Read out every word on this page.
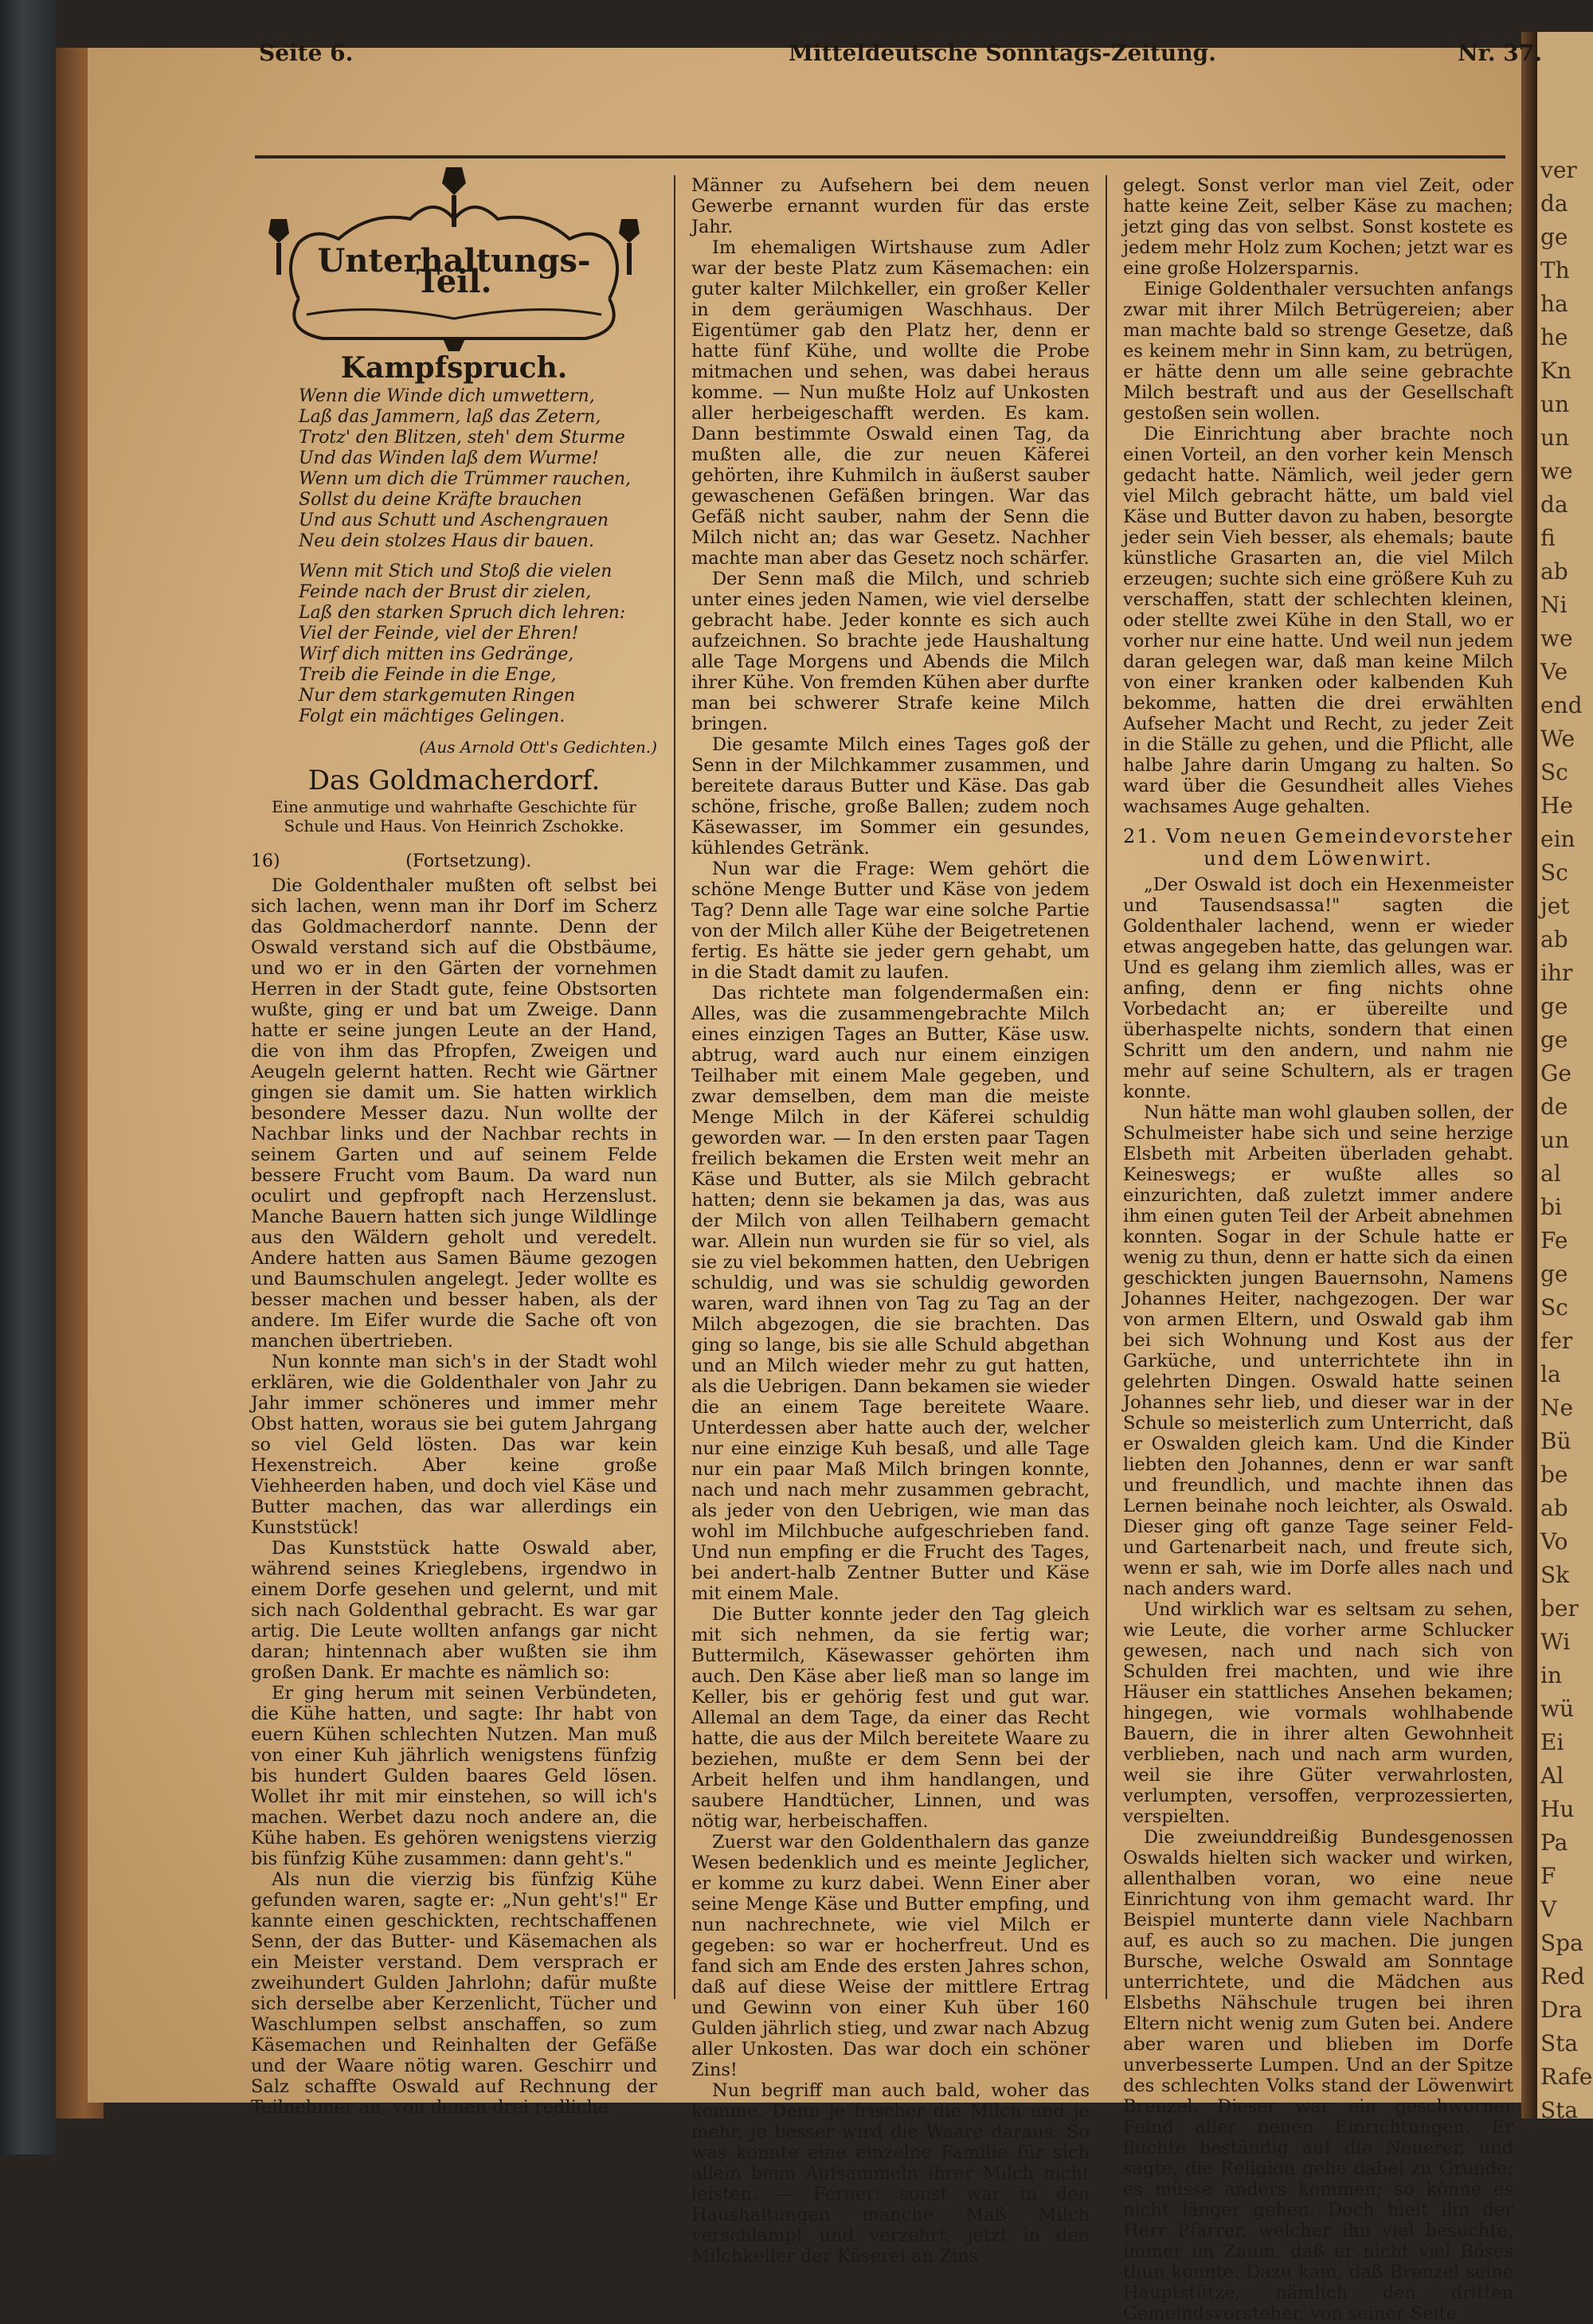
ver
da
ge
Th
ha
he
Kn
un
un
we
da
fi
ab
Ni
we
Ve
end
We
Sc
He
ein
Sc
jet
ab
ihr
ge
ge
Ge
de
un
al
bi
Fe
ge
Sc
fer
la
Ne
Bü
be
ab
Vo
Sk
ber
Wi
in
wü
Ei
Al
Hu
Pa
F
V
Spa
Red
Dra
Sta
Rafe
Sta
Seite 6.	Mitteldeutsche Sonntags-Zeitung.	Nr. 37.
Unterhaltungs-Teil.
Kampfspruch.
Wenn die Winde dich umwettern,
Laß das Jammern, laß das Zetern,
Trotz' den Blitzen, steh' dem Sturme
Und das Winden laß dem Wurme!
Wenn um dich die Trümmer rauchen,
Sollst du deine Kräfte brauchen
Und aus Schutt und Aschengrauen
Neu dein stolzes Haus dir bauen.
Wenn mit Stich und Stoß die vielen
Feinde nach der Brust dir zielen,
Laß den starken Spruch dich lehren:
Viel der Feinde, viel der Ehren!
Wirf dich mitten ins Gedränge,
Treib die Feinde in die Enge,
Nur dem starkgemuten Ringen
Folgt ein mächtiges Gelingen.
(Aus Arnold Ott's Gedichten.)
Das Goldmacherdorf.
Eine anmutige und wahrhafte Geschichte für Schule und Haus. Von Heinrich Zschokke.
16)	(Fortsetzung).

Die Goldenthaler mußten oft selbst bei sich lachen, wenn man ihr Dorf im Scherz das Goldmacherdorf nannte. Denn der Oswald verstand sich auf die Obstbäume, und wo er in den Gärten der vornehmen Herren in der Stadt gute, feine Obstsorten wußte, ging er und bat um Zweige. Dann hatte er seine jungen Leute an der Hand, die von ihm das Pfropfen, Zweigen und Aeugeln gelernt hatten. Recht wie Gärtner gingen sie damit um. Sie hatten wirklich besondere Messer dazu. Nun wollte der Nachbar links und der Nachbar rechts in seinem Garten und auf seinem Felde bessere Frucht vom Baum. Da ward nun oculirt und gepfropft nach Herzenslust. Manche Bauern hatten sich junge Wildlinge aus den Wäldern geholt und veredelt. Andere hatten aus Samen Bäume gezogen und Baumschulen angelegt. Jeder wollte es besser machen und besser haben, als der andere. Im Eifer wurde die Sache oft von manchen übertrieben.

Nun konnte man sich's in der Stadt wohl erklären, wie die Goldenthaler von Jahr zu Jahr immer schöneres und immer mehr Obst hatten, woraus sie bei gutem Jahrgang so viel Geld lösten. Das war kein Hexenstreich. Aber keine große Viehheerden haben, und doch viel Käse und Butter machen, das war allerdings ein Kunststück!

Das Kunststück hatte Oswald aber, während seines Krieglebens, irgendwo in einem Dorfe gesehen und gelernt, und mit sich nach Goldenthal gebracht. Es war gar artig. Die Leute wollten anfangs gar nicht daran; hintennach aber wußten sie ihm großen Dank. Er machte es nämlich so:

Er ging herum mit seinen Verbündeten, die Kühe hatten, und sagte: Ihr habt von euern Kühen schlechten Nutzen. Man muß von einer Kuh jährlich wenigstens fünfzig bis hundert Gulden baares Geld lösen. Wollet ihr mit mir einstehen, so will ich's machen. Werbet dazu noch andere an, die Kühe haben. Es gehören wenigstens vierzig bis fünfzig Kühe zusammen: dann geht's."

Als nun die vierzig bis fünfzig Kühe gefunden waren, sagte er: „Nun geht's!" Er kannte einen geschickten, rechtschaffenen Senn, der das Butter- und Käsemachen als ein Meister verstand. Dem versprach er zweihundert Gulden Jahrlohn; dafür mußte sich derselbe aber Kerzenlicht, Tücher und Waschlumpen selbst anschaffen, so zum Käsemachen und Reinhalten der Gefäße und der Waare nötig waren. Geschirr und Salz schaffte Oswald auf Rechnung der Teilnehmer an, von denen drei redliche

Männer zu Aufsehern bei dem neuen Gewerbe ernannt wurden für das erste Jahr.

Im ehemaligen Wirtshause zum Adler war der beste Platz zum Käsemachen: ein guter kalter Milchkeller, ein großer Keller in dem geräumigen Waschhaus. Der Eigentümer gab den Platz her, denn er hatte fünf Kühe, und wollte die Probe mitmachen und sehen, was dabei heraus komme. — Nun mußte Holz auf Unkosten aller herbeigeschafft werden. Es kam. Dann bestimmte Oswald einen Tag, da mußten alle, die zur neuen Käferei gehörten, ihre Kuhmilch in äußerst sauber gewaschenen Gefäßen bringen. War das Gefäß nicht sauber, nahm der Senn die Milch nicht an; das war Gesetz. Nachher machte man aber das Gesetz noch schärfer.

Der Senn maß die Milch, und schrieb unter eines jeden Namen, wie viel derselbe gebracht habe. Jeder konnte es sich auch aufzeichnen. So brachte jede Haushaltung alle Tage Morgens und Abends die Milch ihrer Kühe. Von fremden Kühen aber durfte man bei schwerer Strafe keine Milch bringen.

Die gesamte Milch eines Tages goß der Senn in der Milchkammer zusammen, und bereitete daraus Butter und Käse. Das gab schöne, frische, große Ballen; zudem noch Käsewasser, im Sommer ein gesundes, kühlendes Getränk.

Nun war die Frage: Wem gehört die schöne Menge Butter und Käse von jedem Tag? Denn alle Tage war eine solche Partie von der Milch aller Kühe der Beigetretenen fertig. Es hätte sie jeder gern gehabt, um in die Stadt damit zu laufen.

Das richtete man folgendermaßen ein: Alles, was die zusammengebrachte Milch eines einzigen Tages an Butter, Käse usw. abtrug, ward auch nur einem einzigen Teilhaber mit einem Male gegeben, und zwar demselben, dem man die meiste Menge Milch in der Käferei schuldig geworden war. — In den ersten paar Tagen freilich bekamen die Ersten weit mehr an Käse und Butter, als sie Milch gebracht hatten; denn sie bekamen ja das, was aus der Milch von allen Teilhabern gemacht war. Allein nun wurden sie für so viel, als sie zu viel bekommen hatten, den Uebrigen schuldig, und was sie schuldig geworden waren, ward ihnen von Tag zu Tag an der Milch abgezogen, die sie brachten. Das ging so lange, bis sie alle Schuld abgethan und an Milch wieder mehr zu gut hatten, als die Uebrigen. Dann bekamen sie wieder die an einem Tage bereitete Waare. Unterdessen aber hatte auch der, welcher nur eine einzige Kuh besaß, und alle Tage nur ein paar Maß Milch bringen konnte, nach und nach mehr zusammen gebracht, als jeder von den Uebrigen, wie man das wohl im Milchbuche aufgeschrieben fand. Und nun empfing er die Frucht des Tages, bei andert-halb Zentner Butter und Käse mit einem Male.

Die Butter konnte jeder den Tag gleich mit sich nehmen, da sie fertig war; Buttermilch, Käsewasser gehörten ihm auch. Den Käse aber ließ man so lange im Keller, bis er gehörig fest und gut war. Allemal an dem Tage, da einer das Recht hatte, die aus der Milch bereitete Waare zu beziehen, mußte er dem Senn bei der Arbeit helfen und ihm handlangen, und saubere Handtücher, Linnen, und was nötig war, herbeischaffen.

Zuerst war den Goldenthalern das ganze Wesen bedenklich und es meinte Jeglicher, er komme zu kurz dabei. Wenn Einer aber seine Menge Käse und Butter empfing, und nun nachrechnete, wie viel Milch er gegeben: so war er hocherfreut. Und es fand sich am Ende des ersten Jahres schon, daß auf diese Weise der mittlere Ertrag und Gewinn von einer Kuh über 160 Gulden jährlich stieg, und zwar nach Abzug aller Unkosten. Das war doch ein schöner Zins!

Nun begriff man auch bald, woher das komme. Denn je frischer die Milch und je mehr, je besser wird die Waare daraus. So was konnte eine einzelne Familie für sich allein beim Aufsammeln ihrer Milch nicht leisten. — Ferner: sonst war in den Haushaltungen manche Maß Milch verschlampt und verzehrt, jetzt in den Milchkeller der Käserei an Zins

gelegt. Sonst verlor man viel Zeit, oder hatte keine Zeit, selber Käse zu machen; jetzt ging das von selbst. Sonst kostete es jedem mehr Holz zum Kochen; jetzt war es eine große Holzersparnis.

Einige Goldenthaler versuchten anfangs zwar mit ihrer Milch Betrügereien; aber man machte bald so strenge Gesetze, daß es keinem mehr in Sinn kam, zu betrügen, er hätte denn um alle seine gebrachte Milch bestraft und aus der Gesellschaft gestoßen sein wollen.

Die Einrichtung aber brachte noch einen Vorteil, an den vorher kein Mensch gedacht hatte. Nämlich, weil jeder gern viel Milch gebracht hätte, um bald viel Käse und Butter davon zu haben, besorgte jeder sein Vieh besser, als ehemals; baute künstliche Grasarten an, die viel Milch erzeugen; suchte sich eine größere Kuh zu verschaffen, statt der schlechten kleinen, oder stellte zwei Kühe in den Stall, wo er vorher nur eine hatte. Und weil nun jedem daran gelegen war, daß man keine Milch von einer kranken oder kalbenden Kuh bekomme, hatten die drei erwählten Aufseher Macht und Recht, zu jeder Zeit in die Ställe zu gehen, und die Pflicht, alle halbe Jahre darin Umgang zu halten. So ward über die Gesundheit alles Viehes wachsames Auge gehalten.

21. Vom neuen Gemeindevorsteher und dem Löwenwirt.

„Der Oswald ist doch ein Hexenmeister und Tausendsassa!" sagten die Goldenthaler lachend, wenn er wieder etwas angegeben hatte, das gelungen war. Und es gelang ihm ziemlich alles, was er anfing, denn er fing nichts ohne Vorbedacht an; er übereilte und überhaspelte nichts, sondern that einen Schritt um den andern, und nahm nie mehr auf seine Schultern, als er tragen konnte.

Nun hätte man wohl glauben sollen, der Schulmeister habe sich und seine herzige Elsbeth mit Arbeiten überladen gehabt. Keineswegs; er wußte alles so einzurichten, daß zuletzt immer andere ihm einen guten Teil der Arbeit abnehmen konnten. Sogar in der Schule hatte er wenig zu thun, denn er hatte sich da einen geschickten jungen Bauernsohn, Namens Johannes Heiter, nachgezogen. Der war von armen Eltern, und Oswald gab ihm bei sich Wohnung und Kost aus der Garküche, und unterrichtete ihn in gelehrten Dingen. Oswald hatte seinen Johannes sehr lieb, und dieser war in der Schule so meisterlich zum Unterricht, daß er Oswalden gleich kam. Und die Kinder liebten den Johannes, denn er war sanft und freundlich, und machte ihnen das Lernen beinahe noch leichter, als Oswald. Dieser ging oft ganze Tage seiner Feld- und Gartenarbeit nach, und freute sich, wenn er sah, wie im Dorfe alles nach und nach anders ward.

Und wirklich war es seltsam zu sehen, wie Leute, die vorher arme Schlucker gewesen, nach und nach sich von Schulden frei machten, und wie ihre Häuser ein stattliches Ansehen bekamen; hingegen, wie vormals wohlhabende Bauern, die in ihrer alten Gewohnheit verblieben, nach und nach arm wurden, weil sie ihre Güter verwahrlosten, verlumpten, versoffen, verprozessierten, verspielten.

Die zweiunddreißig Bundesgenossen Oswalds hielten sich wacker und wirken, allenthalben voran, wo eine neue Einrichtung von ihm gemacht ward. Ihr Beispiel munterte dann viele Nachbarn auf, es auch so zu machen. Die jungen Bursche, welche Oswald am Sonntage unterrichtete, und die Mädchen aus Elsbeths Nähschule trugen bei ihren Eltern nicht wenig zum Guten bei. Andere aber waren und blieben im Dorfe unverbesserte Lumpen. Und an der Spitze des schlechten Volks stand der Löwenwirt Brenzel. Dieser war ein geschworner Feind aller neuen Einrichtungen. Er fluchte beständig auf die Neuerer, und sagte, die Religion gehe dabei zu Grunde; es müsse anders kommen; so könne es nicht länger gehen. Doch hielt ihn der Herr Pfarrer, welcher ihn viel besuchte, immer im Zaum, daß er nicht viel Böses thun konnte. Dazu kam, daß Brenzel seine Hauptstütze, nämlich den dritten Gemeindsvorsteher, von seiner Seite
